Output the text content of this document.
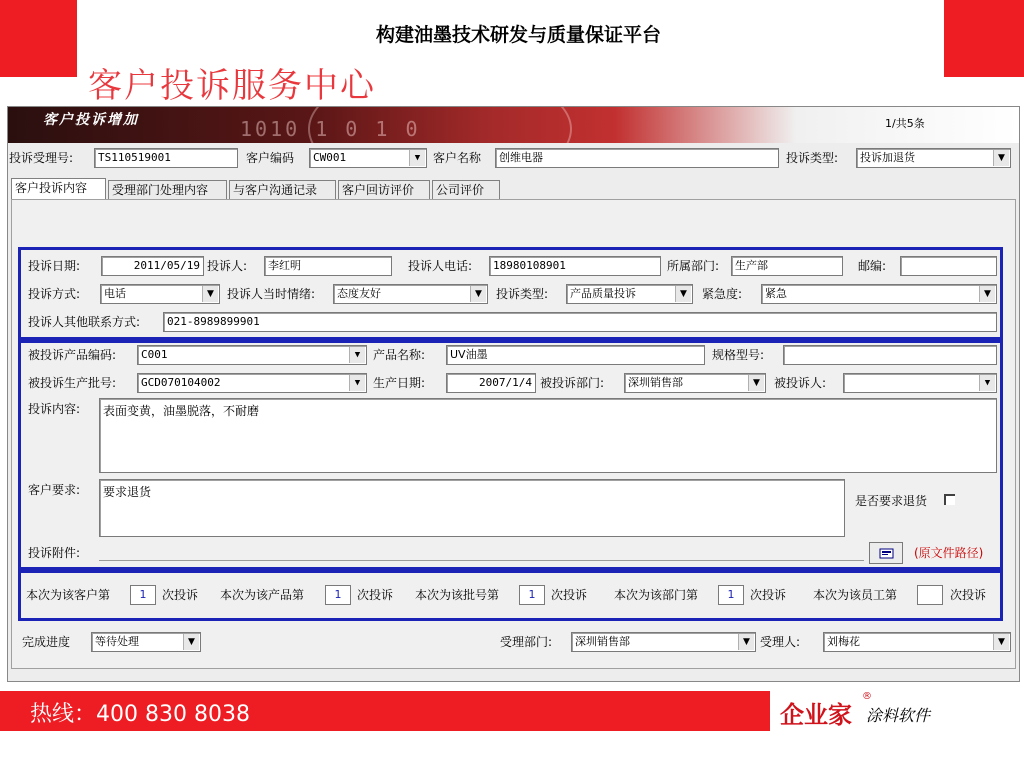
构建油墨技术研发与质量保证平台
客户投诉服务中心
1010 1 0 1 0
客户投诉增加	1/共5条
投诉受理号:	TS110519001	客户编码	CW001	▼	客户名称	创维电器	投诉类型:	投诉加退货	▼
客户投诉内容	受理部门处理内容	与客户沟通记录	客户回访评价	公司评价
投诉日期:	2011/05/19 投诉人:	李红明	投诉人电话:	18980108901	所属部门:	生产部	邮编:
投诉方式:	电话	▼	投诉人当时情绪:	态度友好	▼	投诉类型:	产品质量投诉	▼	紧急度:	紧急	▼
投诉人其他联系方式:	021-8989899901
被投诉产品编码:	C001	▼	产品名称:	UV油墨	规格型号:
被投诉生产批号:	GCD070104002	▼	生产日期:	2007/1/4 被投诉部门:	深圳销售部	▼	被投诉人:	▼
投诉内容:	表面变黄，油墨脱落，不耐磨
客户要求:	要求退货
是否要求退货
投诉附件:	(原文件路径)
本次为该客户第	1	次投诉 本次为该产品第	1	次投诉 本次为该批号第	1	次投诉 本次为该部门第	1	次投诉 本次为该员工第	次投诉
完成进度	等待处理	▼	受理部门:	深圳销售部	▼ 受理人:	刘梅花	▼
热线：400 830 8038	企业家
®
涂料软件
